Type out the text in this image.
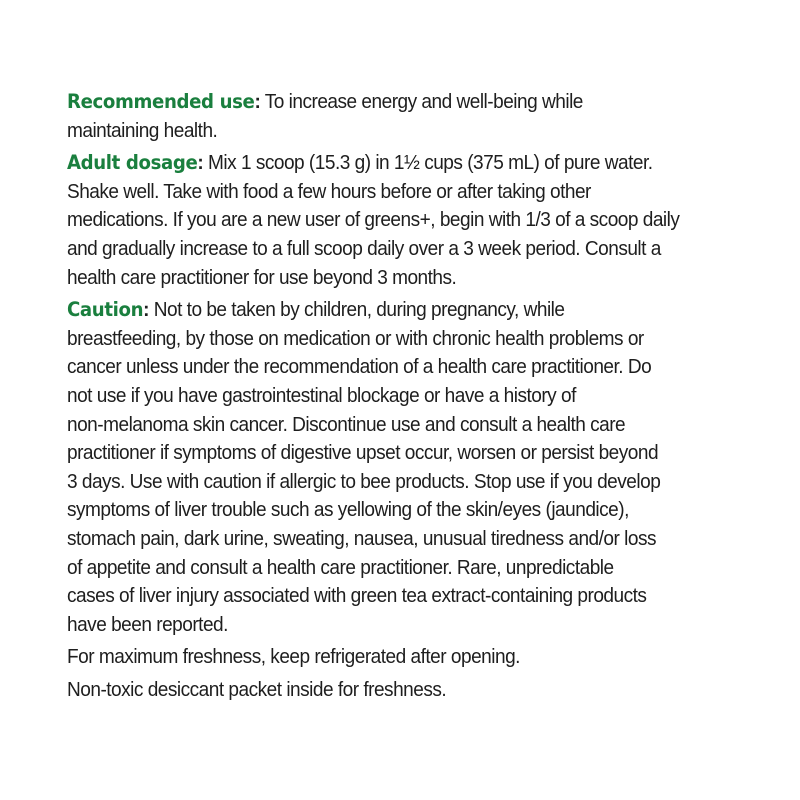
Recommended use: To increase energy and well-being while
maintaining health.
Adult dosage: Mix 1 scoop (15.3 g) in 1½ cups (375 mL) of pure water.
Shake well. Take with food a few hours before or after taking other
medications. If you are a new user of greens+, begin with 1/3 of a scoop daily
and gradually increase to a full scoop daily over a 3 week period. Consult a
health care practitioner for use beyond 3 months.
Caution: Not to be taken by children, during pregnancy, while
breastfeeding, by those on medication or with chronic health problems or
cancer unless under the recommendation of a health care practitioner. Do
not use if you have gastrointestinal blockage or have a history of
non-melanoma skin cancer. Discontinue use and consult a health care
practitioner if symptoms of digestive upset occur, worsen or persist beyond
3 days. Use with caution if allergic to bee products. Stop use if you develop
symptoms of liver trouble such as yellowing of the skin/eyes (jaundice),
stomach pain, dark urine, sweating, nausea, unusual tiredness and/or loss
of appetite and consult a health care practitioner. Rare, unpredictable
cases of liver injury associated with green tea extract-containing products
have been reported.
For maximum freshness, keep refrigerated after opening.
Non-toxic desiccant packet inside for freshness.
